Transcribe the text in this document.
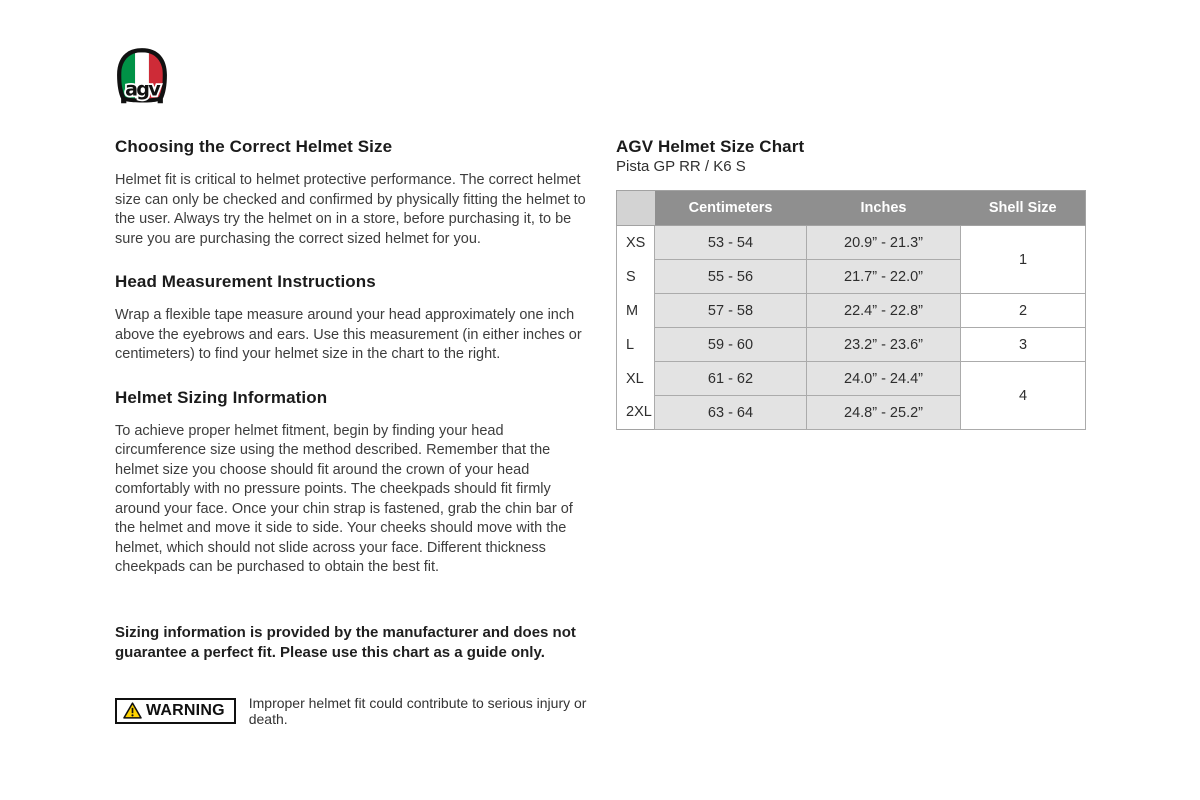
agv
Choosing the Correct Helmet Size

Helmet fit is critical to helmet protective performance. The correct helmet size can only be checked and confirmed by physically fitting the helmet to the user. Always try the helmet on in a store, before purchasing it, to be sure you are purchasing the correct sized helmet for you.

Head Measurement Instructions

Wrap a flexible tape measure around your head approximately one inch above the eyebrows and ears. Use this measurement (in either inches or centimeters) to find your helmet size in the chart to the right.

Helmet Sizing Information

To achieve proper helmet fitment, begin by finding your head circumference size using the method described. Remember that the helmet size you choose should fit around the crown of your head comfortably with no pressure points. The cheekpads should fit firmly around your face. Once your chin strap is fastened, grab the chin bar of the helmet and move it side to side. Your cheeks should move with the helmet, which should not slide across your face. Different thickness cheekpads can be purchased to obtain the best fit.

Sizing information is provided by the manufacturer and does not guarantee a perfect fit. Please use this chart as a guide only.

WARNING Improper helmet fit could contribute to serious injury or death.
AGV Helmet Size Chart
Pista GP RR / K6 S
	Centimeters	Inches	Shell Size
XS	53 - 54	20.9” - 21.3”	1
S	55 - 56	21.7” - 22.0”	
M	57 - 58	22.4” - 22.8”	2
L	59 - 60	23.2” - 23.6”	3
XL	61 - 62	24.0” - 24.4”	4
2XL	63 - 64	24.8” - 25.2”	
